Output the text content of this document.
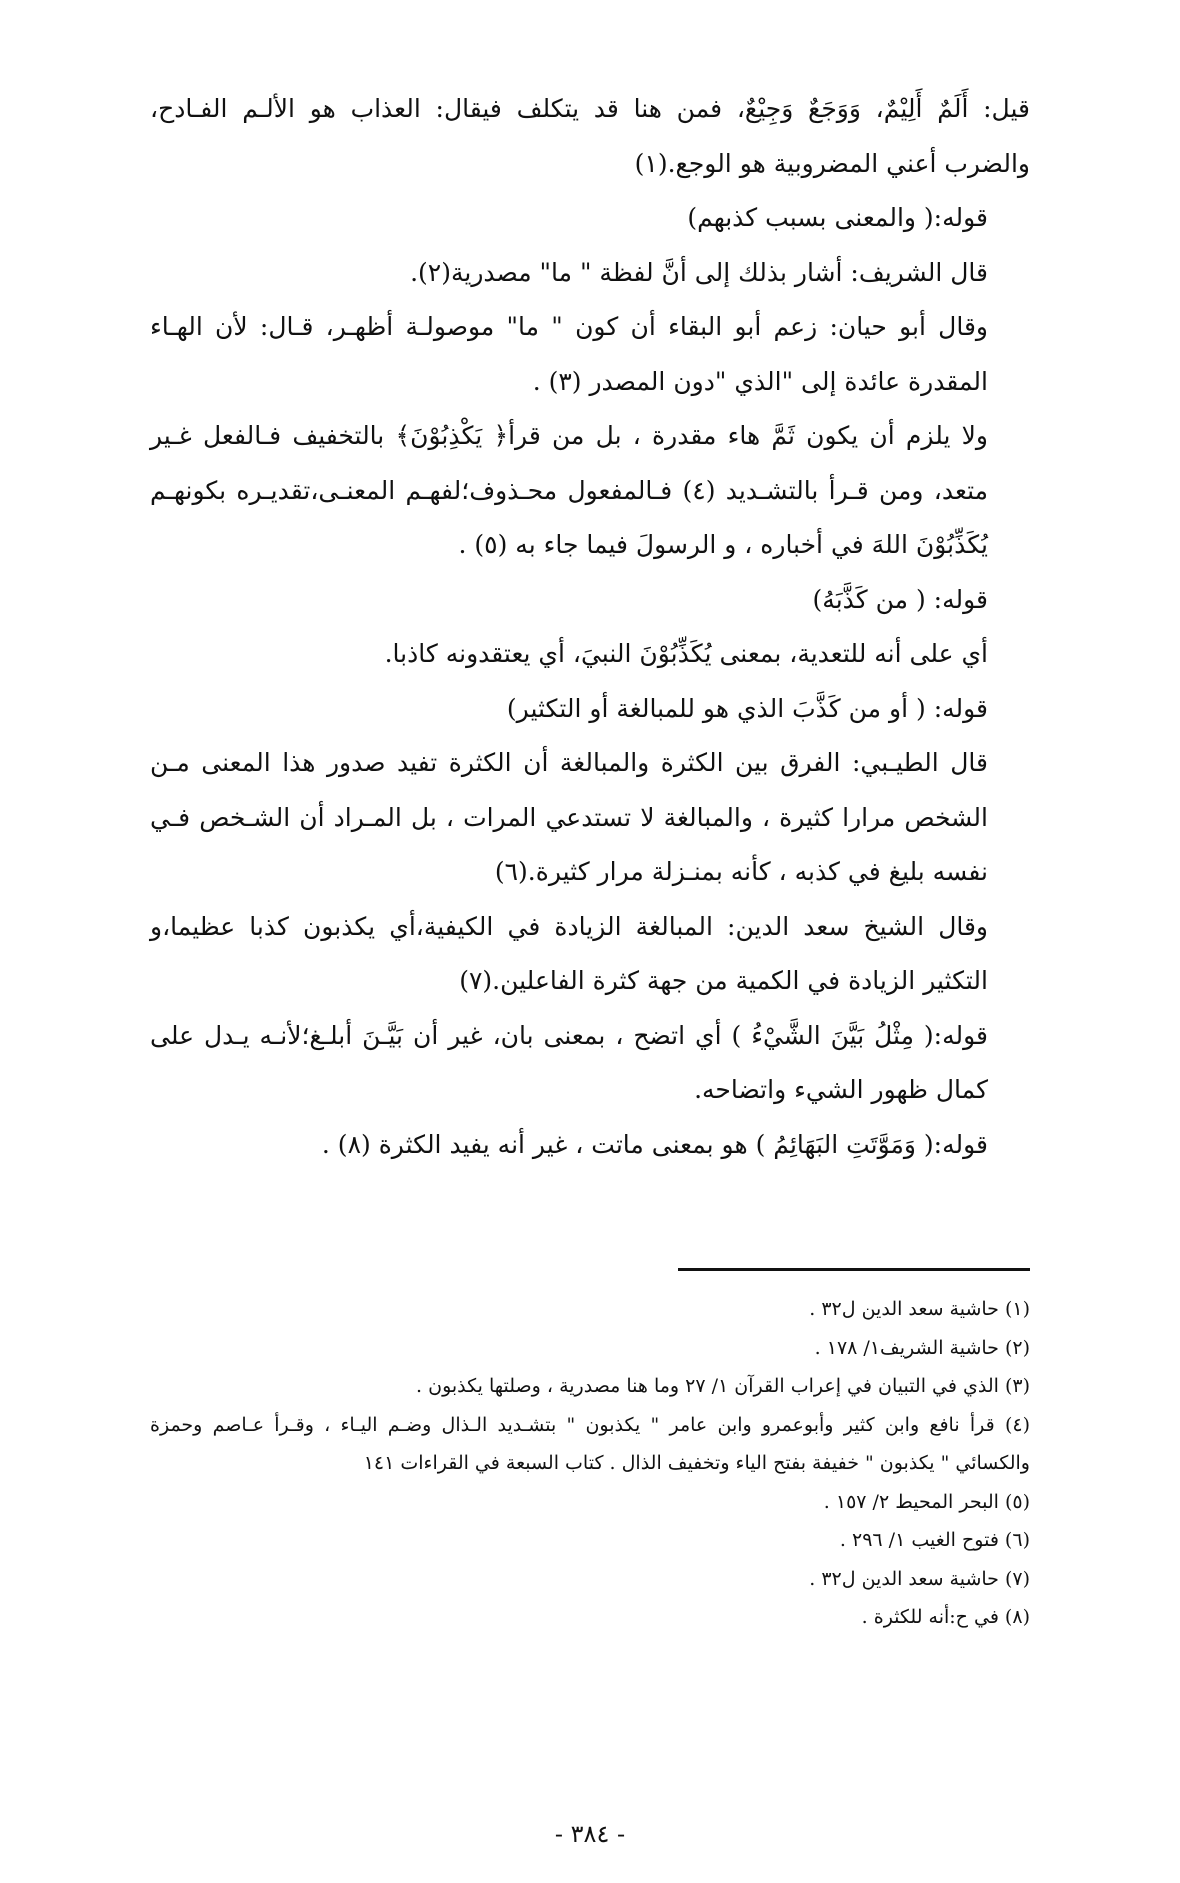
قيل: أَلَمٌ أَلِيْمٌ، وَوَجَعٌ وَجِيْعٌ، فمن هنا قد يتكلف فيقال: العذاب هو الألـم الفـادح، والضرب أعني المضروبية هو الوجع.(١)

قوله:( والمعنى بسبب كذبهم)

قال الشريف: أشار بذلك إلى أنَّ لفظة " ما" مصدرية(٢).

وقال أبو حيان: زعم أبو البقاء أن كون " ما" موصولـة أظهـر، قـال: لأن الهـاء المقدرة عائدة إلى "الذي "دون المصدر (٣) .

ولا يلزم أن يكون ثَمَّ هاء مقدرة ، بل من قرأ﴿ يَكْذِبُوْنَ﴾ بالتخفيف فـالفعل غـير متعد، ومن قـرأ بالتشـديد (٤) فـالمفعول محـذوف؛لفهـم المعنـى،تقديـره بكونهـم يُكَذِّبُوْنَ اللهَ في أخباره ، و الرسولَ فيما جاء به (٥) .

قوله: ( من كَذَّبَهُ)

أي على أنه للتعدية، بمعنى يُكَذِّبُوْنَ النبيَ، أي يعتقدونه كاذبا.

قوله: ( أو من كَذَّبَ الذي هو للمبالغة أو التكثير)

قال الطيـبي: الفرق بين الكثرة والمبالغة أن الكثرة تفيد صدور هذا المعنى مـن الشخص مرارا كثيرة ، والمبالغة لا تستدعي المرات ، بل المـراد أن الشـخص فـي نفسه بليغ في كذبه ، كأنه بمنـزلة مرار كثيرة.(٦)

وقال الشيخ سعد الدين: المبالغة الزيادة في الكيفية،أي يكذبون كذبا عظيما،و التكثير الزيادة في الكمية من جهة كثرة الفاعلين.(٧)

قوله:( مِثْلُ بَيَّنَ الشَّيْءُ ) أي اتضح ، بمعنى بان، غير أن بَيَّـنَ أبلـغ؛لأنـه يـدل على كمال ظهور الشيء واتضاحه.

قوله:( وَمَوَّتَتِ البَهَائِمُ ) هو بمعنى ماتت ، غير أنه يفيد الكثرة (٨) .

(١) حاشية سعد الدين ل٣٢ .

(٢) حاشية الشريف١/ ١٧٨ .

(٣) الذي في التبيان في إعراب القرآن ١/ ٢٧ وما هنا مصدرية ، وصلتها يكذبون .

(٤) قرأ نافع وابن كثير وأبوعمرو وابن عامر " يكذبون " بتشـديد الـذال وضـم اليـاء ، وقـرأ عـاصم وحمزة والكسائي " يكذبون " خفيفة بفتح الياء وتخفيف الذال . كتاب السبعة في القراءات ١٤١

(٥) البحر المحيط ٢/ ١٥٧ .

(٦) فتوح الغيب ١/ ٢٩٦ .

(٧) حاشية سعد الدين ل٣٢ .

(٨) في ح:أنه للكثرة .

- ٣٨٤ -
